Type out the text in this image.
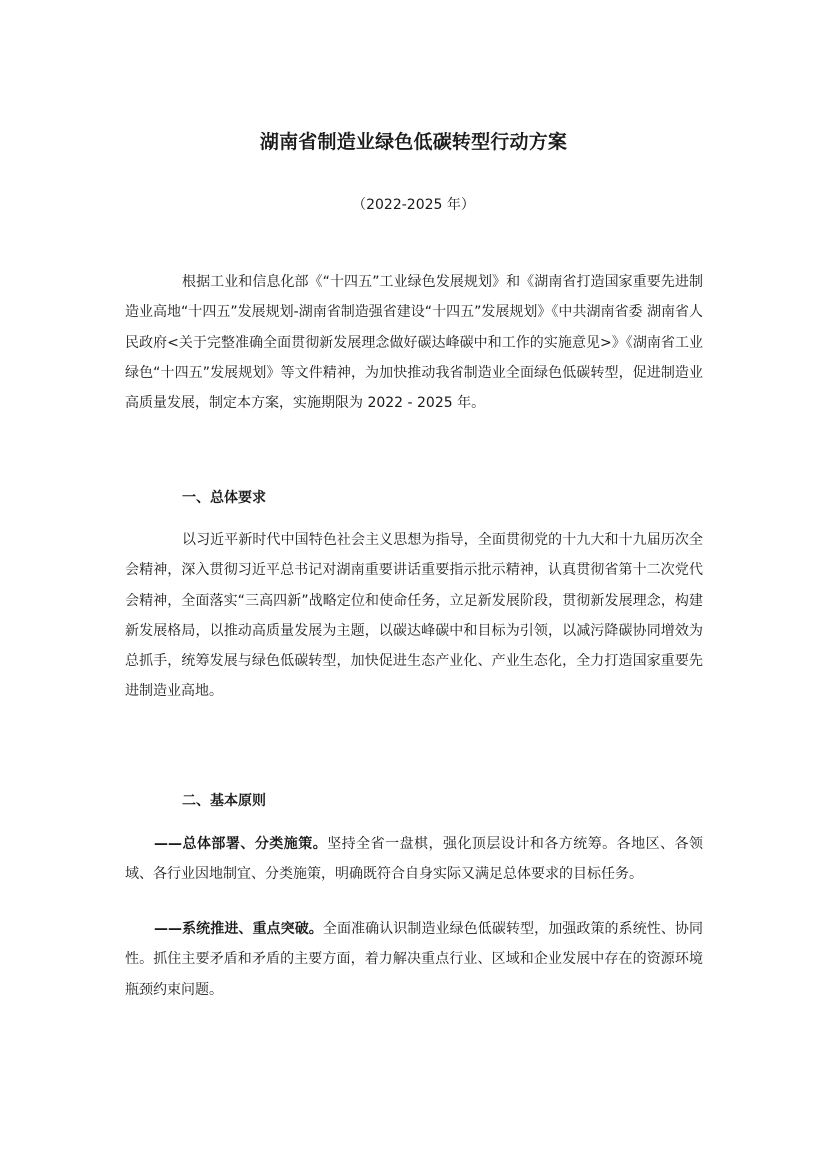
湖南省制造业绿色低碳转型行动方案
（2022-2025 年）

根据工业和信息化部《“十四五”工业绿色发展规划》和《湖南省打造国家重要先进制造业高地“十四五”发展规划-湖南省制造强省建设“十四五”发展规划》《中共湖南省委 湖南省人民政府<关于完整准确全面贯彻新发展理念做好碳达峰碳中和工作的实施意见>》《湖南省工业绿色“十四五”发展规划》等文件精神，为加快推动我省制造业全面绿色低碳转型，促进制造业高质量发展，制定本方案，实施期限为 2022 - 2025 年。

一、总体要求

以习近平新时代中国特色社会主义思想为指导，全面贯彻党的十九大和十九届历次全会精神，深入贯彻习近平总书记对湖南重要讲话重要指示批示精神，认真贯彻省第十二次党代会精神，全面落实“三高四新”战略定位和使命任务，立足新发展阶段，贯彻新发展理念，构建新发展格局，以推动高质量发展为主题，以碳达峰碳中和目标为引领，以减污降碳协同增效为总抓手，统筹发展与绿色低碳转型，加快促进生态产业化、产业生态化，全力打造国家重要先进制造业高地。

二、基本原则

——总体部署、分类施策。坚持全省一盘棋，强化顶层设计和各方统筹。各地区、各领域、各行业因地制宜、分类施策，明确既符合自身实际又满足总体要求的目标任务。

——系统推进、重点突破。全面准确认识制造业绿色低碳转型，加强政策的系统性、协同性。抓住主要矛盾和矛盾的主要方面，着力解决重点行业、区域和企业发展中存在的资源环境瓶颈约束问题。
